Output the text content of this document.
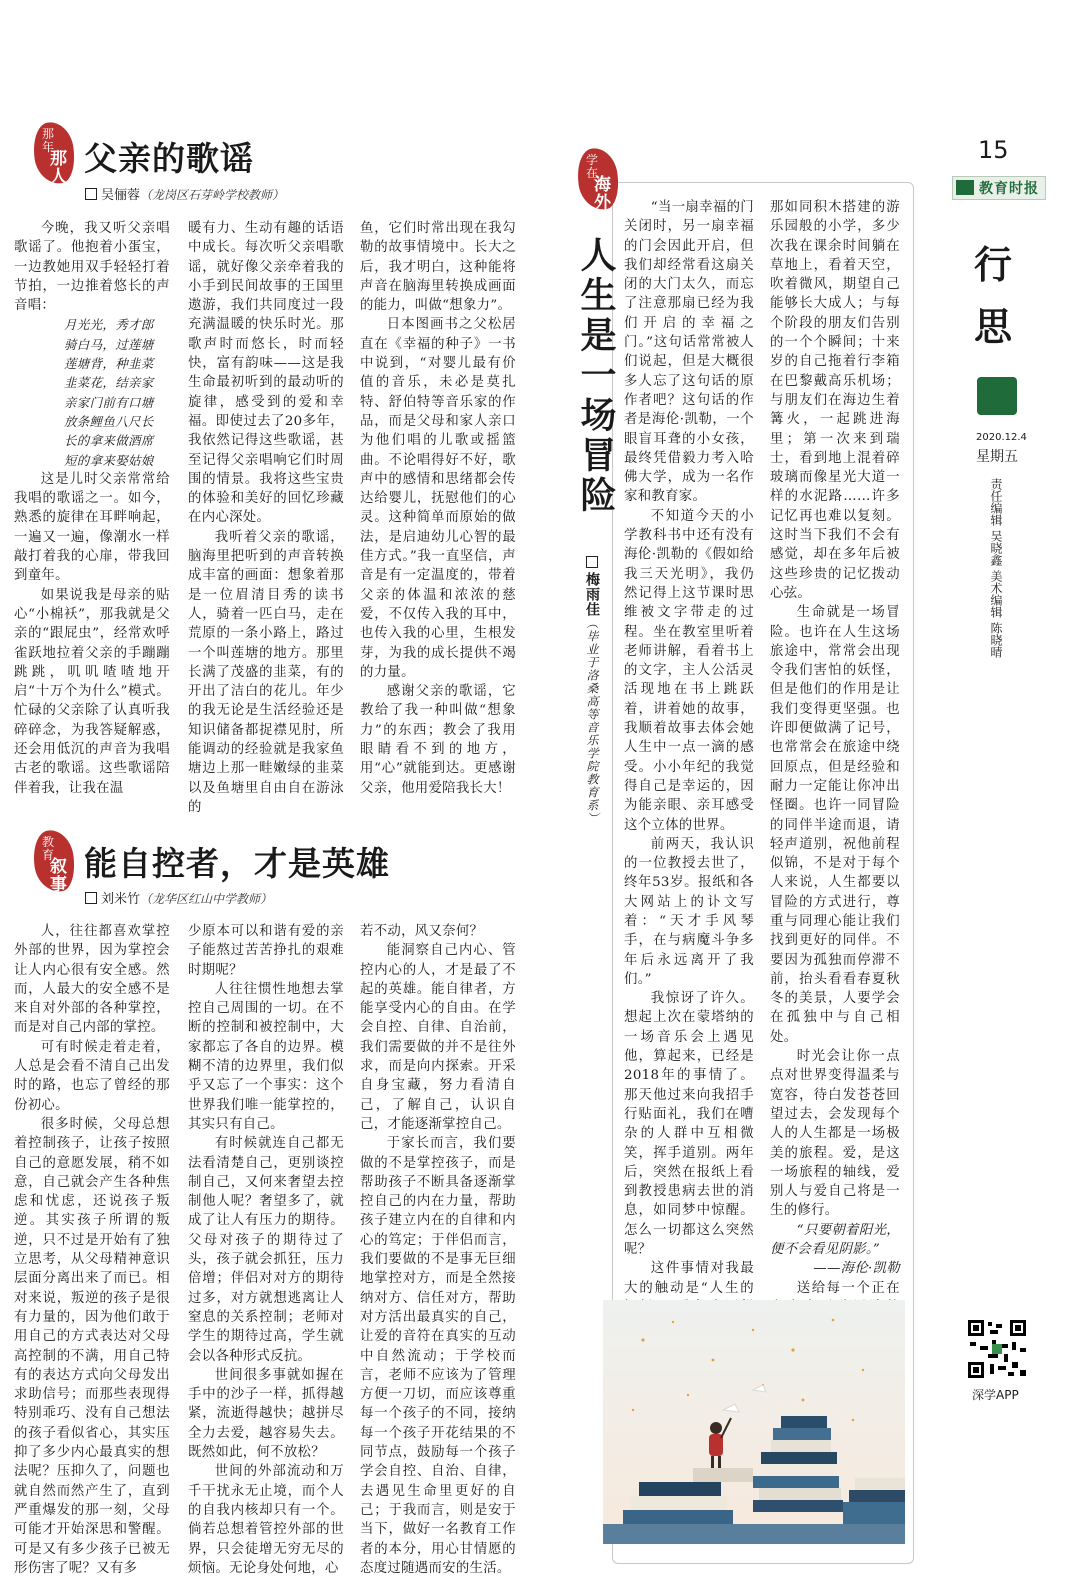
15
教育时报
行思
2020.12.4
星期五
责任编辑 吴晓鑫
美术编辑 陈晓晴
深学APP
那年
那人 父亲的歌谣
吴俪蓉（龙岗区石芽岭学校教师）

今晚，我又听父亲唱歌谣了。他抱着小蛋宝，一边教她用双手轻轻打着节拍，一边推着悠长的声音唱：

月光光，秀才郎

骑白马，过莲塘

莲塘背，种韭菜

韭菜花，结亲家

亲家门前有口塘

放条鲤鱼八尺长

长的拿来做酒席

短的拿来娶姑娘

这是儿时父亲常常给我唱的歌谣之一。如今，熟悉的旋律在耳畔响起，一遍又一遍，像潮水一样敲打着我的心扉，带我回到童年。

如果说我是母亲的贴心“小棉袄”，那我就是父亲的“跟屁虫”，经常欢呼雀跃地拉着父亲的手蹦蹦跳跳，叽叽喳喳地开启“十万个为什么”模式。忙碌的父亲除了认真听我碎碎念，为我答疑解惑，还会用低沉的声音为我唱古老的歌谣。这些歌谣陪伴着我，让我在温

暖有力、生动有趣的话语中成长。每次听父亲唱歌谣，就好像父亲牵着我的小手到民间故事的王国里遨游，我们共同度过一段充满温暖的快乐时光。那歌声时而悠长，时而轻快，富有韵味——这是我生命最初听到的最动听的旋律，感受到的爱和幸福。即使过去了20多年，我依然记得这些歌谣，甚至记得父亲唱响它们时周围的情景。我将这些宝贵的体验和美好的回忆珍藏在内心深处。

我听着父亲的歌谣，脑海里把听到的声音转换成丰富的画面：想象着那是一位眉清目秀的读书人，骑着一匹白马，走在荒原的一条小路上，路过一个叫莲塘的地方。那里长满了茂盛的韭菜，有的开出了洁白的花儿。年少的我无论是生活经验还是知识储备都捉襟见肘，所能调动的经验就是我家鱼塘边上那一畦嫩绿的韭菜以及鱼塘里自由自在游泳的

鱼，它们时常出现在我勾勒的故事情境中。长大之后，我才明白，这种能将声音在脑海里转换成画面的能力，叫做“想象力”。

日本图画书之父松居直在《幸福的种子》一书中说到，“对婴儿最有价值的音乐，未必是莫扎特、舒伯特等音乐家的作品，而是父母和家人亲口为他们唱的儿歌或摇篮曲。不论唱得好不好，歌声中的感情和思绪都会传达给婴儿，抚慰他们的心灵。这种简单而原始的做法，是启迪幼儿心智的最佳方式。”我一直坚信，声音是有一定温度的，带着父亲的体温和浓浓的慈爱，不仅传入我的耳中，也传入我的心里，生根发芽，为我的成长提供不竭的力量。

感谢父亲的歌谣，它教给了我一种叫做“想象力”的东西；教会了我用眼睛看不到的地方，用“心”就能到达。更感谢父亲，他用爱陪我长大！

教育
叙事
能自控者，才是英雄
刘米竹（龙华区红山中学教师）

人，往往都喜欢掌控外部的世界，因为掌控会让人内心很有安全感。然而，人最大的安全感不是来自对外部的各种掌控，而是对自己内部的掌控。

可有时候走着走着，人总是会看不清自己出发时的路，也忘了曾经的那份初心。

很多时候，父母总想着控制孩子，让孩子按照自己的意愿发展，稍不如意，自己就会产生各种焦虑和忧虑，还说孩子叛逆。其实孩子所谓的叛逆，只不过是开始有了独立思考，从父母精神意识层面分离出来了而已。相对来说，叛逆的孩子是很有力量的，因为他们敢于用自己的方式表达对父母高控制的不满，用自己特有的表达方式向父母发出求助信号；而那些表现得特别乖巧、没有自己想法的孩子看似省心，其实压抑了多少内心最真实的想法呢？压抑久了，问题也就自然而然产生了，直到严重爆发的那一刻，父母可能才开始深思和警醒。可是又有多少孩子已被无形伤害了呢？又有多

少原本可以和谐有爱的亲子能熬过苦苦挣扎的艰难时期呢？

人往往惯性地想去掌控自己周围的一切。在不断的控制和被控制中，大家都忘了各自的边界。模糊不清的边界里，我们似乎又忘了一个事实：这个世界我们唯一能掌控的，其实只有自己。

有时候就连自己都无法看清楚自己，更别谈控制自己，又何来奢望去控制他人呢？奢望多了，就成了让人有压力的期待。父母对孩子的期待过了头，孩子就会抓狂，压力倍增；伴侣对对方的期待过多，对方就想逃离让人窒息的关系控制；老师对学生的期待过高，学生就会以各种形式反抗。

世间很多事就如握在手中的沙子一样，抓得越紧，流逝得越快；越拼尽全力去爱，越容易失去。既然如此，何不放松？

世间的外部流动和万千干扰永无止境，而个人的自我内核却只有一个。倘若总想着管控外部的世界，只会徒增无穷无尽的烦恼。无论身处何地，心

若不动，风又奈何？

能洞察自己内心、管控内心的人，才是最了不起的英雄。能自律者，方能享受内心的自由。在学会自控、自律、自治前，我们需要做的并不是往外求，而是向内探索。开采自身宝藏，努力看清自己，了解自己，认识自己，才能逐渐掌控自己。

于家长而言，我们要做的不是掌控孩子，而是帮助孩子不断具备逐渐掌控自己的内在力量，帮助孩子建立内在的自律和内心的笃定；于伴侣而言，我们要做的不是事无巨细地掌控对方，而是全然接纳对方、信任对方，帮助对方活出最真实的自己，让爱的音符在真实的互动中自然流动；于学校而言，老师不应该为了管理方便一刀切，而应该尊重每一个孩子的不同，接纳每一个孩子开花结果的不同节点，鼓励每一个孩子学会自控、自治、自律，去遇见生命里更好的自己；于我而言，则是安于当下，做好一名教育工作者的本分，用心甘情愿的态度过随遇而安的生活。

学在
海外
人生是一场冒险
梅雨佳（毕业于洛桑高等音乐学院教育系）

“当一扇幸福的门关闭时，另一扇幸福的门会因此开启，但我们却经常看这扇关闭的大门太久，而忘了注意那扇已经为我们开启的幸福之门。”这句话常常被人们说起，但是大概很多人忘了这句话的原作者吧？这句话的作者是海伦·凯勒，一个眼盲耳聋的小女孩，最终凭借毅力考入哈佛大学，成为一名作家和教育家。

不知道今天的小学教科书中还有没有海伦·凯勒的《假如给我三天光明》，我仍然记得上这节课时思维被文字带走的过程。坐在教室里听着老师讲解，看着书上的文字，主人公活灵活现地在书上跳跃着，讲着她的故事，我顺着故事去体会她人生中一点一滴的感受。小小年纪的我觉得自己是幸运的，因为能亲眼、亲耳感受这个立体的世界。

前两天，我认识的一位教授去世了，终年53岁。报纸和各大网站上的讣文写着：“天才手风琴手，在与病魔斗争多年后永远离开了我们。”

我惊讶了许久。想起上次在蒙塔纳的一场音乐会上遇见他，算起来，已经是2018年的事情了。那天他过来向我招手行贴面礼，我们在嘈杂的人群中互相微笑，挥手道别。两年后，突然在报纸上看到教授患病去世的消息，如同梦中惊醒。怎么一切都这么突然呢？

这件事情对我最大的触动是“人生的

那如同积木搭建的游乐园般的小学，多少次我在课余时间躺在草地上，看着天空，吹着微风，期望自己能够长大成人；与每个阶段的朋友们告别的一个个瞬间；十来岁的自己拖着行李箱在巴黎戴高乐机场；与朋友们在海边生着篝火，一起跳进海里；第一次来到瑞士，看到地上混着碎玻璃而像星光大道一样的水泥路……许多记忆再也难以复刻。这时当下我们不会有感觉，却在多年后被这些珍贵的记忆拨动心弦。

生命就是一场冒险。也许在人生这场旅途中，常常会出现令我们害怕的妖怪，但是他们的作用是让我们变得更坚强。也许即便做满了记号，也常常会在旅途中绕回原点，但是经验和耐力一定能让你冲出怪圈。也许一同冒险的同伴半途而退，请轻声道别，祝他前程似锦，不是对于每个人来说，人生都要以冒险的方式进行，尊重与同理心能让我们找到更好的同伴。不要因为孤独而停滞不前，抬头看看春夏秋冬的美景，人要学会在孤独中与自己相处。

时光会让你一点点对世界变得温柔与宽容，待白发苍苍回望过去，会发现每个人的人生都是一场极美的旅程。爱，是这一场旅程的轴线，爱别人与爱自己将是一生的修行。

“只要朝着阳光，便不会看见阴影。”

——海伦·凯勒

送给每一个正在
